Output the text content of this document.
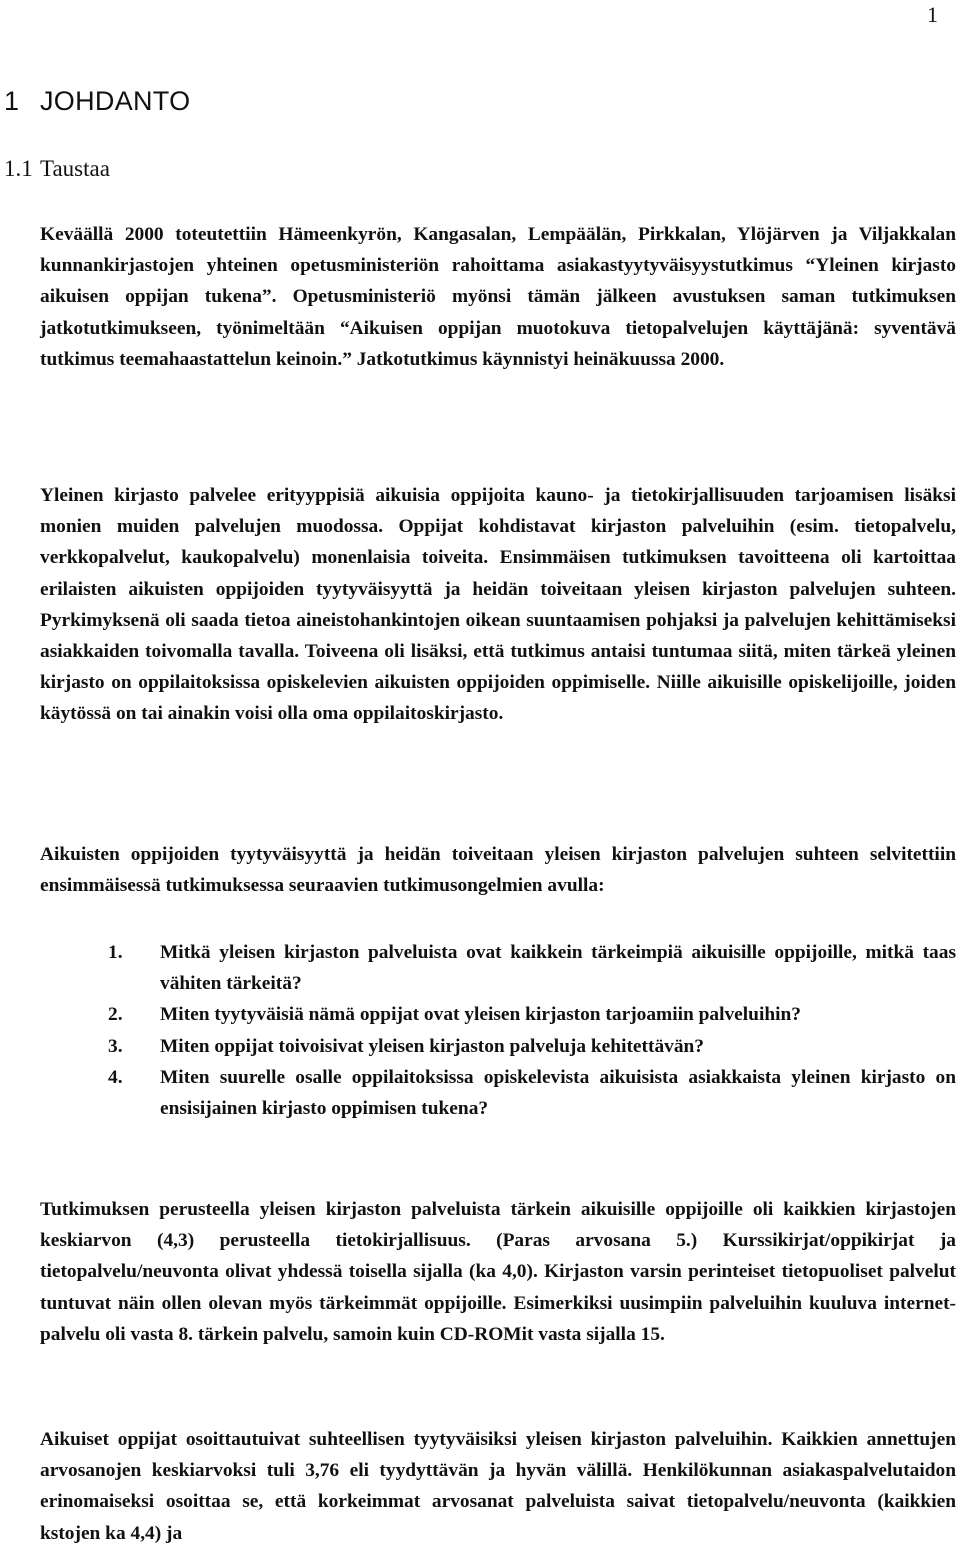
1
1 JOHDANTO
1.1 Taustaa

Keväällä 2000 toteutettiin Hämeenkyrön, Kangasalan, Lempäälän, Pirkkalan, Ylöjärven ja Viljakkalan kunnankirjastojen yhteinen opetusministeriön rahoittama asiakastyytyväisyystutkimus “Yleinen kirjasto aikuisen oppijan tukena”. Opetusministeriö myönsi tämän jälkeen avustuksen saman tutkimuksen jatkotutkimukseen, työnimeltään “Aikuisen oppijan muotokuva tietopalvelujen käyttäjänä: syventävä tutkimus teemahaastattelun keinoin.” Jatkotutkimus käynnistyi heinäkuussa 2000.

Yleinen kirjasto palvelee erityyppisiä aikuisia oppijoita kauno- ja tietokirjallisuuden tarjoamisen lisäksi monien muiden palvelujen muodossa. Oppijat kohdistavat kirjaston palveluihin (esim. tietopalvelu, verkkopalvelut, kaukopalvelu) monenlaisia toiveita. Ensimmäisen tutkimuksen tavoitteena oli kartoittaa erilaisten aikuisten oppijoiden tyytyväisyyttä ja heidän toiveitaan yleisen kirjaston palvelujen suhteen. Pyrkimyksenä oli saada tietoa aineistohankintojen oikean suuntaamisen pohjaksi ja palvelujen kehittämiseksi asiakkaiden toivomalla tavalla. Toiveena oli lisäksi, että tutkimus antaisi tuntumaa siitä, miten tärkeä yleinen kirjasto on oppilaitoksissa opiskelevien aikuisten oppijoiden oppimiselle. Niille aikuisille opiskelijoille, joiden käytössä on tai ainakin voisi olla oma oppilaitoskirjasto.

Aikuisten oppijoiden tyytyväisyyttä ja heidän toiveitaan yleisen kirjaston palvelujen suhteen selvitettiin ensimmäisessä tutkimuksessa seuraavien tutkimusongelmien avulla:

1.	Mitkä yleisen kirjaston palveluista ovat kaikkein tärkeimpiä aikuisille oppijoille, mitkä taas vähiten tärkeitä?
2.	Miten tyytyväisiä nämä oppijat ovat yleisen kirjaston tarjoamiin palveluihin?
3.	Miten oppijat toivoisivat yleisen kirjaston palveluja kehitettävän?
4.	Miten suurelle osalle oppilaitoksissa opiskelevista aikuisista asiakkaista yleinen kirjasto on ensisijainen kirjasto oppimisen tukena?

Tutkimuksen perusteella yleisen kirjaston palveluista tärkein aikuisille oppijoille oli kaikkien kirjastojen keskiarvon (4,3) perusteella tietokirjallisuus. (Paras arvosana 5.) Kurssikirjat/oppikirjat ja tietopalvelu/neuvonta olivat yhdessä toisella sijalla (ka 4,0). Kirjaston varsin perinteiset tietopuoliset palvelut tuntuvat näin ollen olevan myös tärkeimmät oppijoille. Esimerkiksi uusimpiin palveluihin kuuluva internet-palvelu oli vasta 8. tärkein palvelu, samoin kuin CD-ROMit vasta sijalla 15.

Aikuiset oppijat osoittautuivat suhteellisen tyytyväisiksi yleisen kirjaston palveluihin. Kaikkien annettujen arvosanojen keskiarvoksi tuli 3,76 eli tyydyttävän ja hyvän välillä. Henkilökunnan asiakaspalvelutaidon erinomaiseksi osoittaa se, että korkeimmat arvosanat palveluista saivat tietopalvelu/neuvonta (kaikkien kstojen ka 4,4) ja
